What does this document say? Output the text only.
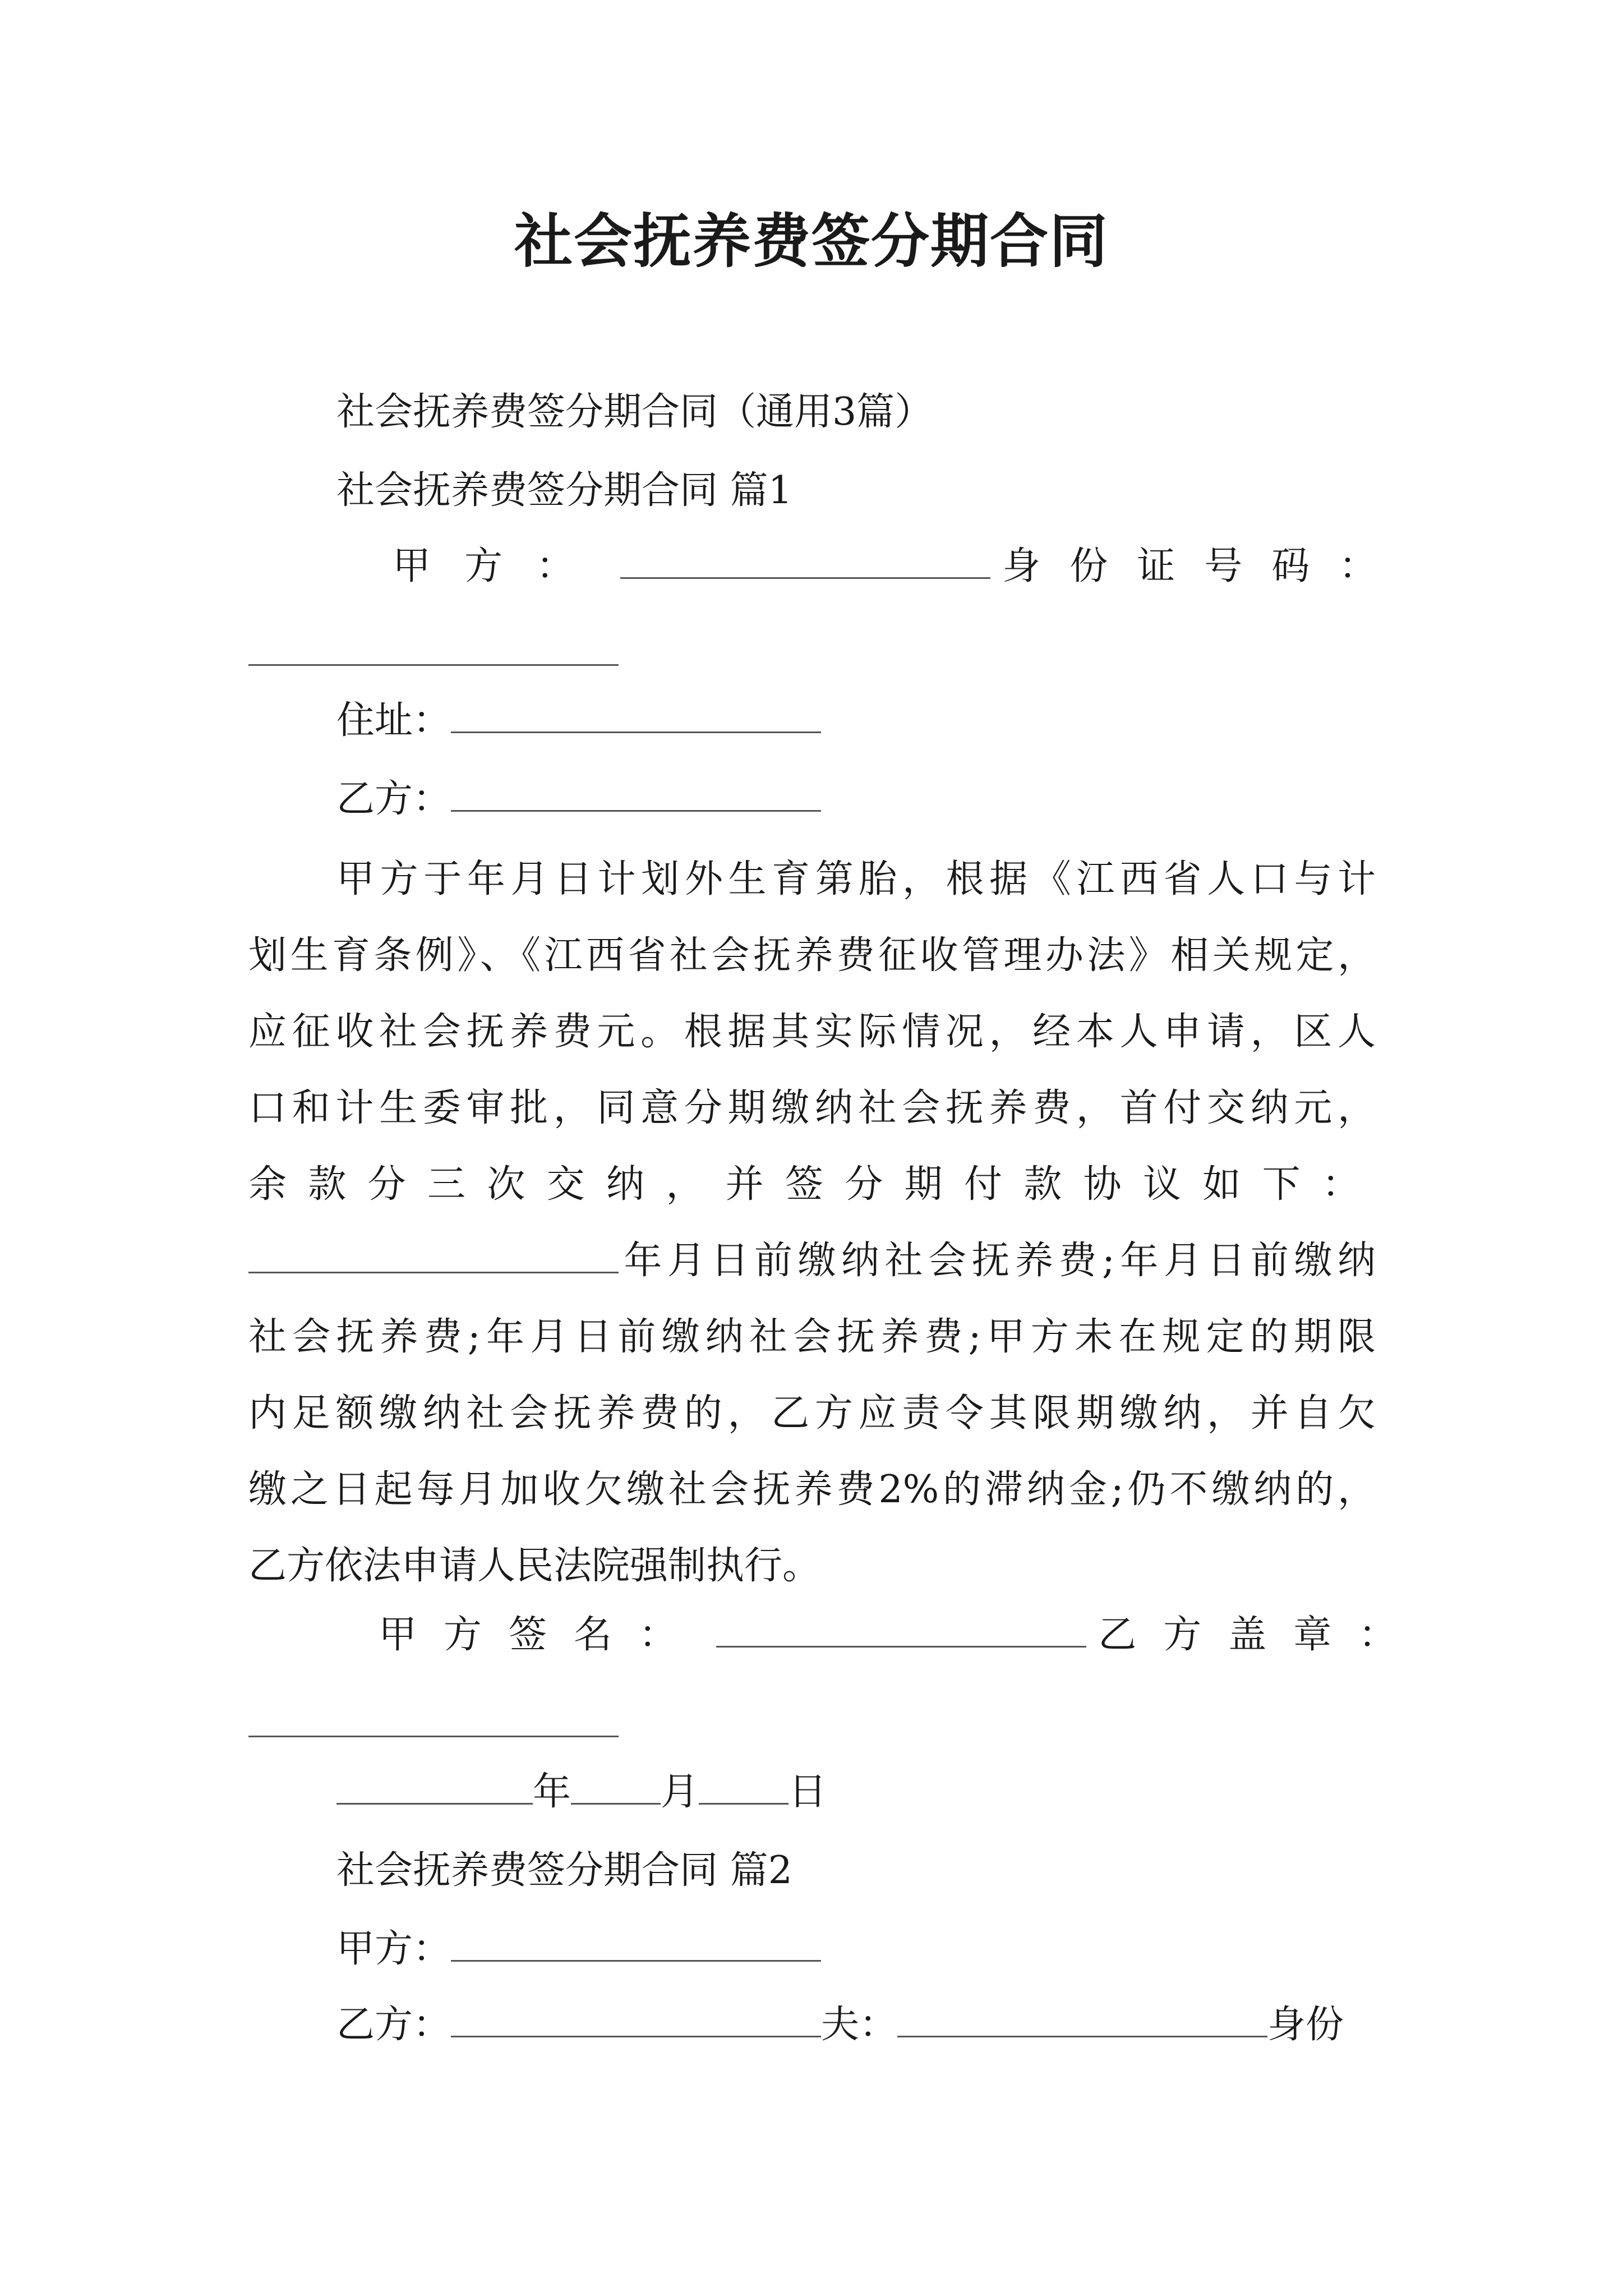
社会抚养费签分期合同
社会抚养费签分期合同（通用3篇）
社会抚养费签分期合同 篇1
甲方：	身份证号码：
住址：
乙方：
甲方于年月日计划外生育第胎，根据《江西省人口与计
划生育条例》、《江西省社会抚养费征收管理办法》相关规定，
应征收社会抚养费元。根据其实际情况，经本人申请，区人
口和计生委审批，同意分期缴纳社会抚养费，首付交纳元，
余款分三次交纳，并签分期付款协议如下：
年月日前缴纳社会抚养费;年月日前缴纳
社会抚养费;年月日前缴纳社会抚养费;甲方未在规定的期限
内足额缴纳社会抚养费的，乙方应责令其限期缴纳，并自欠
缴之日起每月加收欠缴社会抚养费2%的滞纳金;仍不缴纳的，
乙方依法申请人民法院强制执行。
甲方签名：	乙方盖章：
年 月 日
社会抚养费签分期合同 篇2
甲方：
乙方：	夫：	身份
